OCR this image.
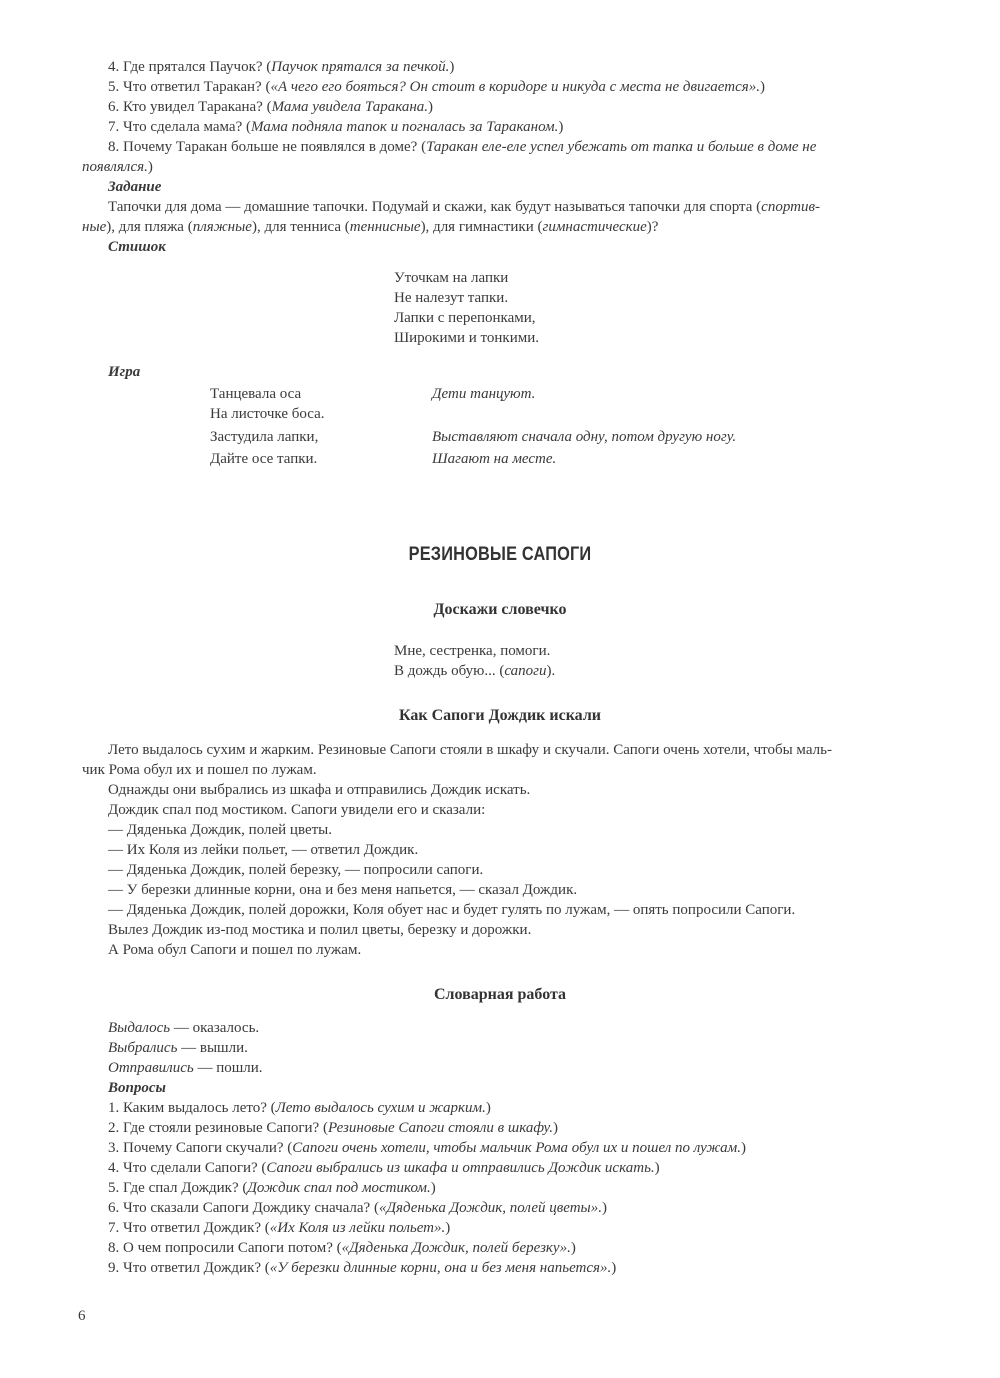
4. Где прятался Паучок? (Паучок прятался за печкой.)

5. Что ответил Таракан? («А чего его бояться? Он стоит в коридоре и никуда с места не двигается».)

6. Кто увидел Таракана? (Мама увидела Таракана.)

7. Что сделала мама? (Мама подняла тапок и погналась за Тараканом.)

8. Почему Таракан больше не появлялся в доме? (Таракан еле-еле успел убежать от тапка и больше в доме не

появлялся.)

Задание

Тапочки для дома — домашние тапочки. Подумай и скажи, как будут называться тапочки для спорта (спортив-

ные), для пляжа (пляжные), для тенниса (теннисные), для гимнастики (гимнастические)?

Стишок

Уточкам на лапки
Не налезут тапки.
Лапки с перепонками,
Широкими и тонкими.

Игра

Танцевала оса	Дети танцуют.
На листочке боса.
Застудила лапки,	Выставляют сначала одну, потом другую ногу.
Дайте осе тапки.	Шагают на месте.
РЕЗИНОВЫЕ САПОГИ
Доскажи словечко
Мне, сестренка, помоги.
В дождь обую... (сапоги).
Как Сапоги Дождик искали

Лето выдалось сухим и жарким. Резиновые Сапоги стояли в шкафу и скучали. Сапоги очень хотели, чтобы маль-

чик Рома обул их и пошел по лужам.

Однажды они выбрались из шкафа и отправились Дождик искать.

Дождик спал под мостиком. Сапоги увидели его и сказали:

— Дяденька Дождик, полей цветы.

— Их Коля из лейки польет, — ответил Дождик.

— Дяденька Дождик, полей березку, — попросили сапоги.

— У березки длинные корни, она и без меня напьется, — сказал Дождик.

— Дяденька Дождик, полей дорожки, Коля обует нас и будет гулять по лужам, — опять попросили Сапоги.

Вылез Дождик из-под мостика и полил цветы, березку и дорожки.

А Рома обул Сапоги и пошел по лужам.

Словарная работа

Выдалось — оказалось.

Выбрались — вышли.

Отправились — пошли.

Вопросы

1. Каким выдалось лето? (Лето выдалось сухим и жарким.)

2. Где стояли резиновые Сапоги? (Резиновые Сапоги стояли в шкафу.)

3. Почему Сапоги скучали? (Сапоги очень хотели, чтобы мальчик Рома обул их и пошел по лужам.)

4. Что сделали Сапоги? (Сапоги выбрались из шкафа и отправились Дождик искать.)

5. Где спал Дождик? (Дождик спал под мостиком.)

6. Что сказали Сапоги Дождику сначала? («Дяденька Дождик, полей цветы».)

7. Что ответил Дождик? («Их Коля из лейки польет».)

8. О чем попросили Сапоги потом? («Дяденька Дождик, полей березку».)

9. Что ответил Дождик? («У березки длинные корни, она и без меня напьется».)

6
